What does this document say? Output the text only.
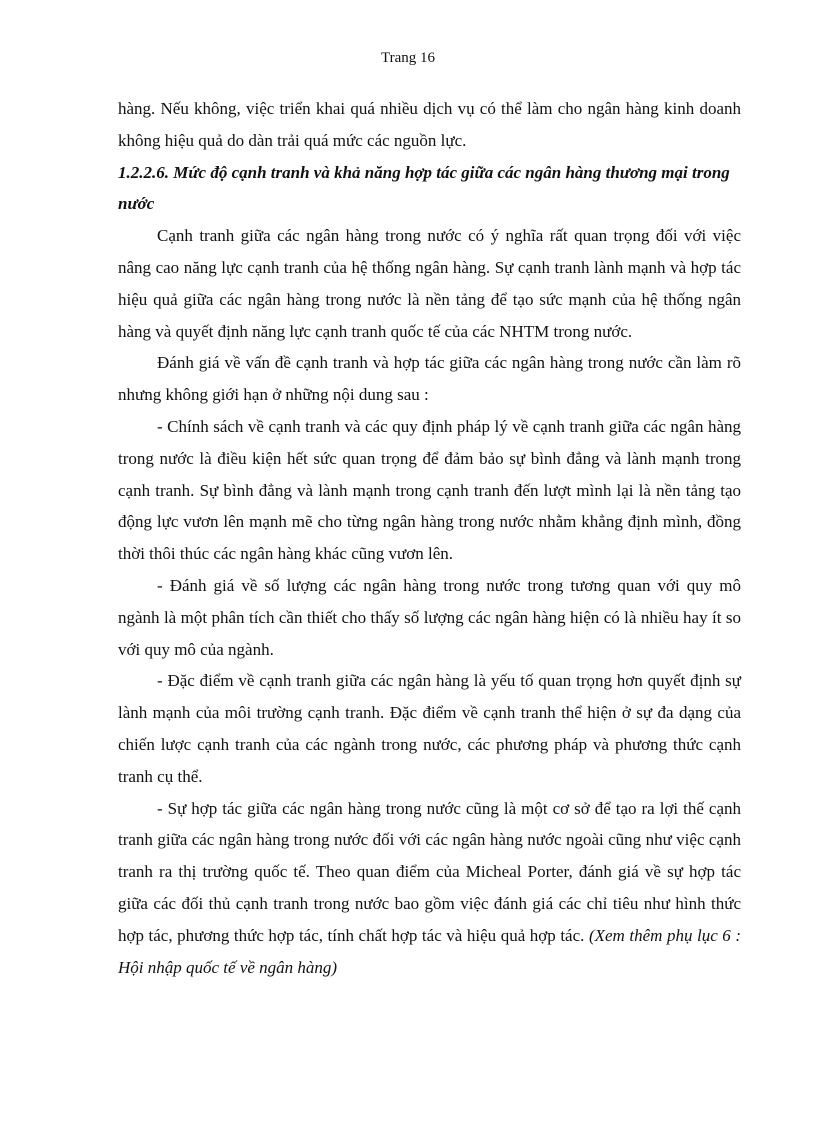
Trang 16

hàng. Nếu không, việc triển khai quá nhiều dịch vụ có thể làm cho ngân hàng kinh doanh không hiệu quả do dàn trải quá mức các nguồn lực.

1.2.2.6. Mức độ cạnh tranh và khả năng hợp tác giữa các ngân hàng thương mại trong nước

Cạnh tranh giữa các ngân hàng trong nước có ý nghĩa rất quan trọng đối với việc nâng cao năng lực cạnh tranh của hệ thống ngân hàng. Sự cạnh tranh lành mạnh và hợp tác hiệu quả giữa các ngân hàng trong nước là nền tảng để tạo sức mạnh của hệ thống ngân hàng và quyết định năng lực cạnh tranh quốc tế của các NHTM trong nước.

Đánh giá về vấn đề cạnh tranh và hợp tác giữa các ngân hàng trong nước cần làm rõ nhưng không giới hạn ở những nội dung sau :

- Chính sách về cạnh tranh và các quy định pháp lý về cạnh tranh giữa các ngân hàng trong nước là điều kiện hết sức quan trọng để đảm bảo sự bình đẳng và lành mạnh trong cạnh tranh. Sự bình đẳng và lành mạnh trong cạnh tranh đến lượt mình lại là nền tảng tạo động lực vươn lên mạnh mẽ cho từng ngân hàng trong nước nhằm khẳng định mình, đồng thời thôi thúc các ngân hàng khác cũng vươn lên.

- Đánh giá về số lượng các ngân hàng trong nước trong tương quan với quy mô ngành là một phân tích cần thiết cho thấy số lượng các ngân hàng hiện có là nhiều hay ít so với quy mô của ngành.

- Đặc điểm về cạnh tranh giữa các ngân hàng là yếu tố quan trọng hơn quyết định sự lành mạnh của môi trường cạnh tranh. Đặc điểm về cạnh tranh thể hiện ở sự đa dạng của chiến lược cạnh tranh của các ngành trong nước, các phương pháp và phương thức cạnh tranh cụ thể.

- Sự hợp tác giữa các ngân hàng trong nước cũng là một cơ sở để tạo ra lợi thế cạnh tranh giữa các ngân hàng trong nước đối với các ngân hàng nước ngoài cũng như việc cạnh tranh ra thị trường quốc tế. Theo quan điểm của Micheal Porter, đánh giá về sự hợp tác giữa các đối thủ cạnh tranh trong nước bao gồm việc đánh giá các chỉ tiêu như hình thức hợp tác, phương thức hợp tác, tính chất hợp tác và hiệu quả hợp tác. (Xem thêm phụ lục 6 : Hội nhập quốc tế về ngân hàng)
